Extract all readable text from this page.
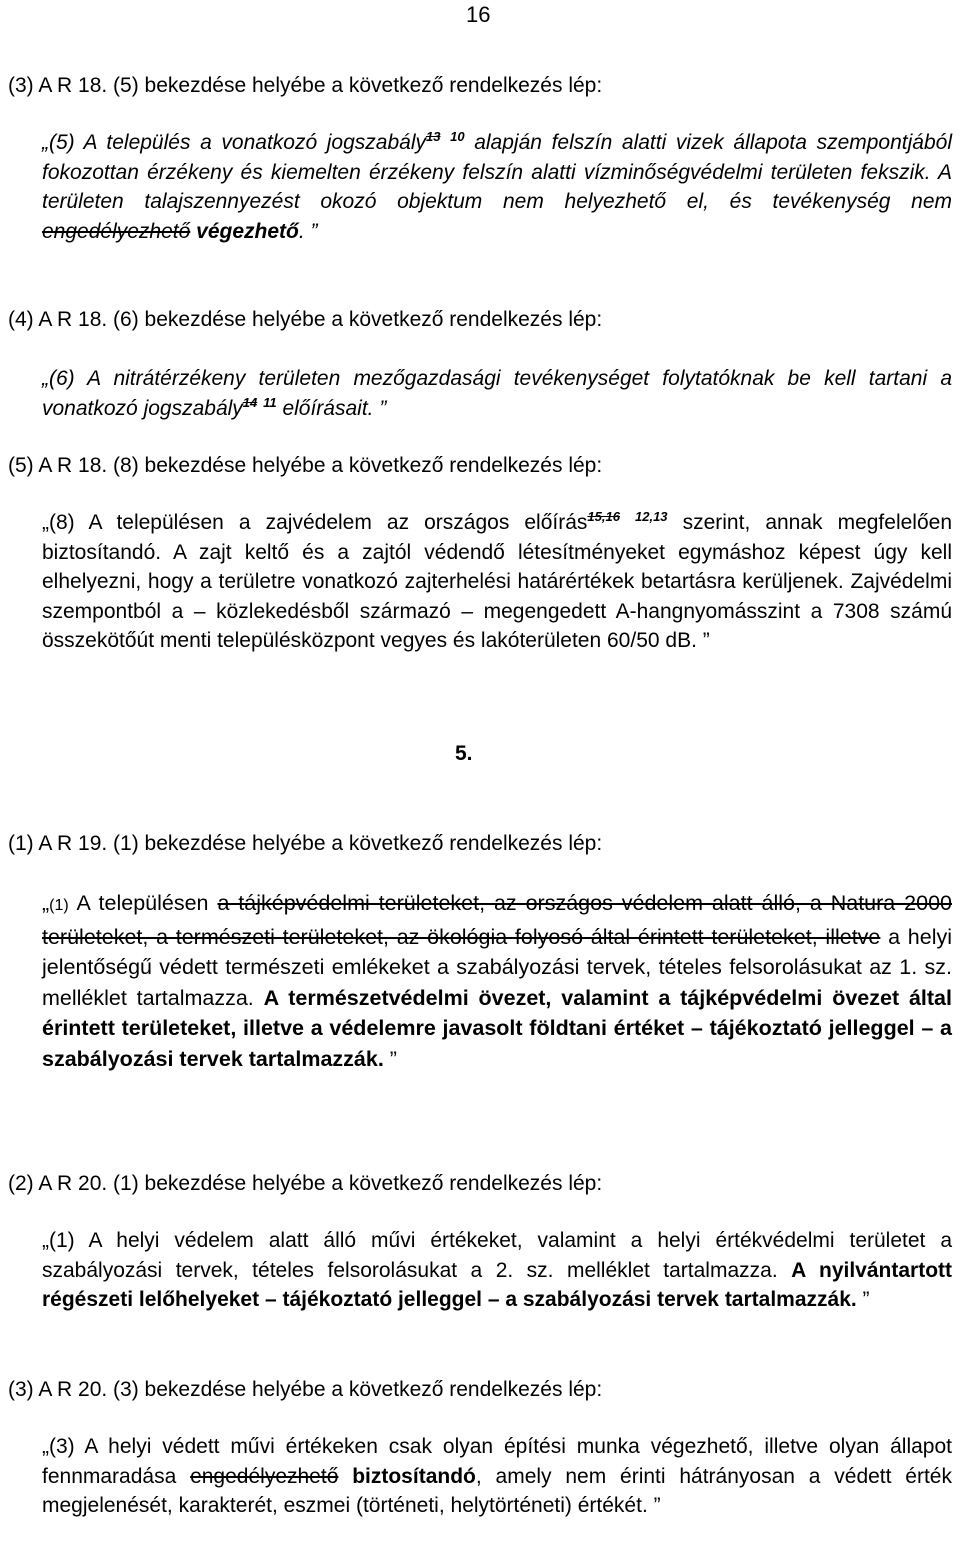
16
(3) A R 18. (5) bekezdése helyébe a következő rendelkezés lép:
„(5) A település a vonatkozó jogszabály$^{13}$ $^{10}$ alapján felszín alatti vizek állapota szempontjából fokozottan érzékeny és kiemelten érzékeny felszín alatti vízminőségvédelmi területen fekszik. A területen talajszennyezést okozó objektum nem helyezhető el, és tevékenység nem engedélyezhető végezhető. ”
(4) A R 18. (6) bekezdése helyébe a következő rendelkezés lép:
„(6) A nitrátérzékeny területen mezőgazdasági tevékenységet folytatóknak be kell tartani a vonatkozó jogszabály$^{14}$ $^{11}$ előírásait. ”
(5) A R 18. (8) bekezdése helyébe a következő rendelkezés lép:
„(8) A településen a zajvédelem az országos előírás$^{15,16}$ $^{12,13}$ szerint, annak megfelelően biztosítandó. A zajt keltő és a zajtól védendő létesítményeket egymáshoz képest úgy kell elhelyezni, hogy a területre vonatkozó zajterhelési határértékek betartásra kerüljenek. Zajvédelmi szempontból a – közlekedésből származó – megengedett A-hangnyomásszint a 7308 számú összekötőút menti településközpont vegyes és lakóterületen 60/50 dB. ”
5.
(1) A R 19. (1) bekezdése helyébe a következő rendelkezés lép:
„(1) A településen a tájképvédelmi területeket, az országos védelem alatt álló, a Natura 2000 területeket, a természeti területeket, az ökológia folyosó által érintett területeket, illetve a helyi jelentőségű védett természeti emlékeket a szabályozási tervek, tételes felsorolásukat az 1. sz. melléklet tartalmazza. A természetvédelmi övezet, valamint a tájképvédelmi övezet által érintett területeket, illetve a védelemre javasolt földtani értéket – tájékoztató jelleggel – a szabályozási tervek tartalmazzák. ”
(2) A R 20. (1) bekezdése helyébe a következő rendelkezés lép:
„(1) A helyi védelem alatt álló művi értékeket, valamint a helyi értékvédelmi területet a szabályozási tervek, tételes felsorolásukat a 2. sz. melléklet tartalmazza. A nyilvántartott régészeti lelőhelyeket – tájékoztató jelleggel – a szabályozási tervek tartalmazzák. ”
(3) A R 20. (3) bekezdése helyébe a következő rendelkezés lép:
„(3) A helyi védett művi értékeken csak olyan építési munka végezhető, illetve olyan állapot fennmaradása engedélyezhető biztosítandó, amely nem érinti hátrányosan a védett érték megjelenését, karakterét, eszmei (történeti, helytörténeti) értékét. ”
